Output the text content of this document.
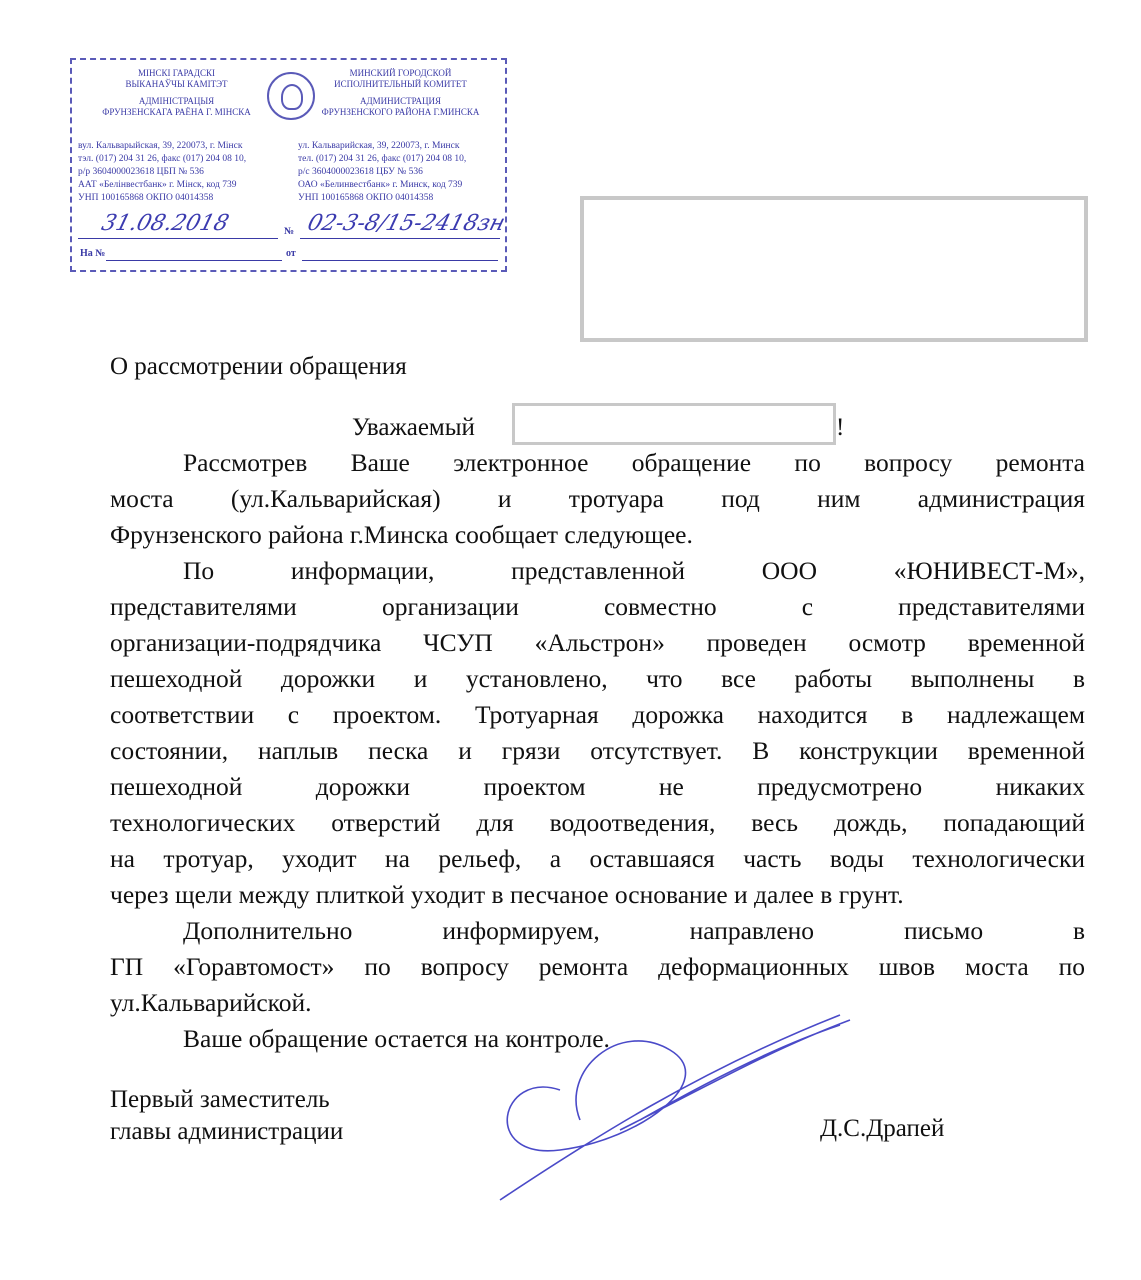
МІНСКІ ГАРАДСКІ
ВЫКАНАЎЧЫ КАМІТЭТ
АДМІНІСТРАЦЫЯ
ФРУНЗЕНСКАГА РАЁНА Г. МІНСКА
МИНСКИЙ ГОРОДСКОЙ
ИСПОЛНИТЕЛЬНЫЙ КОМИТЕТ
АДМИНИСТРАЦИЯ
ФРУНЗЕНСКОГО РАЙОНА Г.МИНСКА
вул. Кальварыйская, 39, 220073, г. Мінск
тэл. (017) 204 31 26, факс (017) 204 08 10,
р/р 3604000023618 ЦБП № 536
ААТ «Белінвестбанк» г. Мінск, код 739
УНП 100165868 ОКПО 04014358
ул. Кальварийская, 39, 220073, г. Минск
тел. (017) 204 31 26, факс (017) 204 08 10,
р/с 3604000023618 ЦБУ № 536
ОАО «Белинвестбанк» г. Минск, код 739
УНП 100165868 ОКПО 04014358
№
На №	от
31.08.2018	02-3-8/15-2418зн
О рассмотрении обращения
Уважаемый	!
Рассмотрев Ваше электронное обращение по вопросу ремонта
моста (ул.Кальварийская) и тротуара под ним администрация
Фрунзенского района г.Минска сообщает следующее.
По информации, представленной ООО «ЮНИВЕСТ-М»,
представителями организации совместно с представителями
организации-подрядчика ЧСУП «Альстрон» проведен осмотр временной
пешеходной дорожки и установлено, что все работы выполнены в
соответствии с проектом. Тротуарная дорожка находится в надлежащем
состоянии, наплыв песка и грязи отсутствует. В конструкции временной
пешеходной дорожки проектом не предусмотрено никаких
технологических отверстий для водоотведения, весь дождь, попадающий
на тротуар, уходит на рельеф, а оставшаяся часть воды технологически
через щели между плиткой уходит в песчаное основание и далее в грунт.
Дополнительно информируем, направлено письмо в
ГП «Горавтомост» по вопросу ремонта деформационных швов моста по
ул.Кальварийской.
Ваше обращение остается на контроле.
Первый заместитель
главы администрации	Д.С.Драпей
